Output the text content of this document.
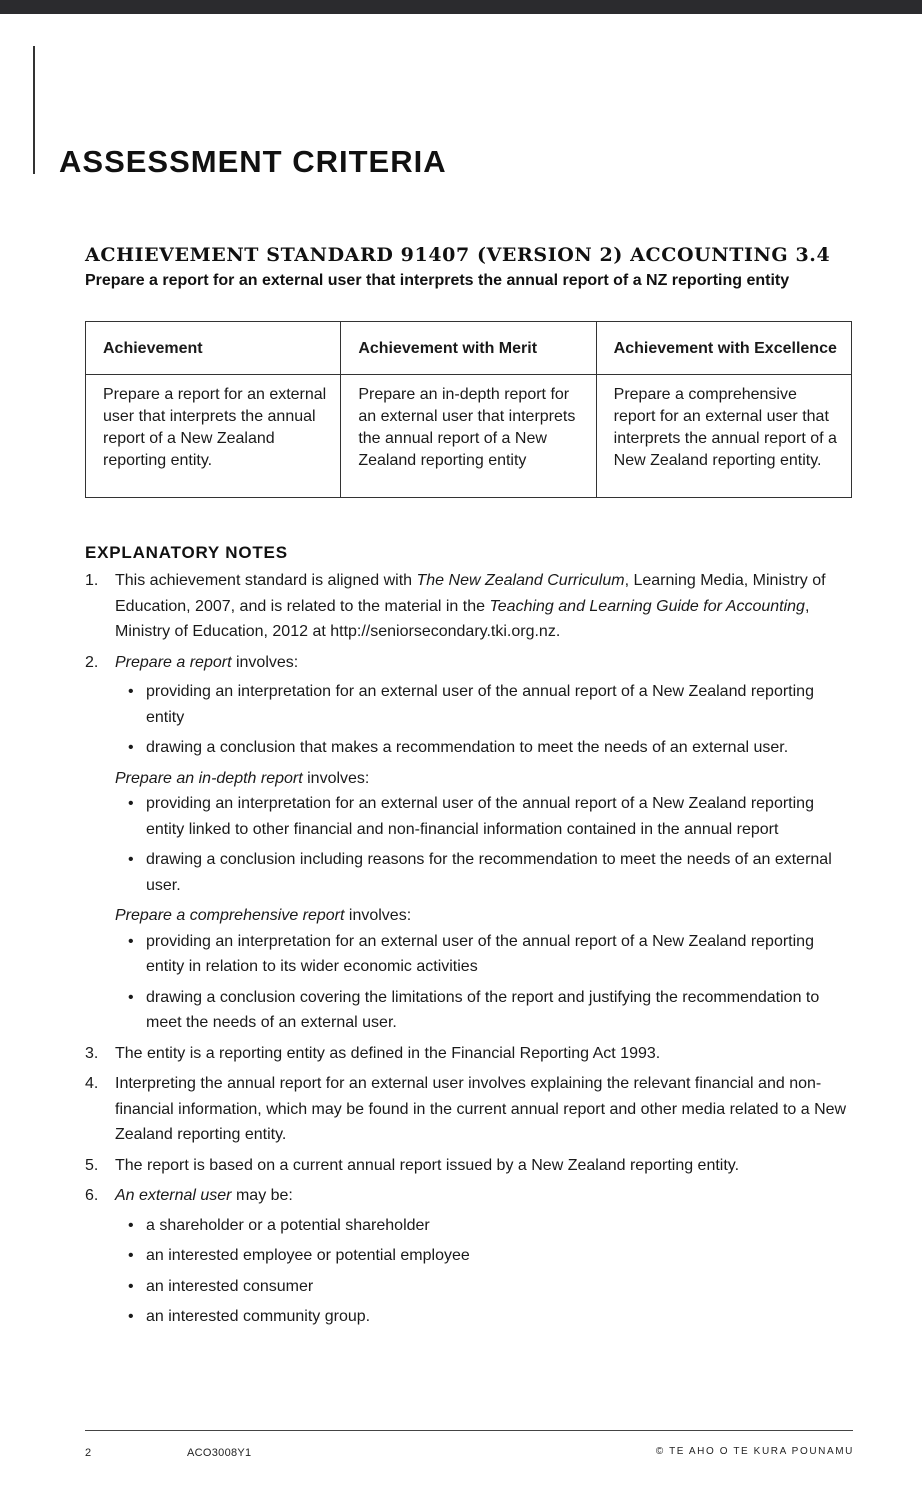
ASSESSMENT CRITERIA
ACHIEVEMENT STANDARD 91407 (VERSION 2) ACCOUNTING 3.4

Prepare a report for an external user that interprets the annual report of a NZ reporting entity

Achievement	Achievement with Merit	Achievement with Excellence
Prepare a report for an external user that interprets the annual report of a New Zealand reporting entity.	Prepare an in-depth report for an external user that interprets the annual report of a New Zealand reporting entity	Prepare a comprehensive report for an external user that interprets the annual report of a New Zealand reporting entity.
EXPLANATORY NOTES
1. This achievement standard is aligned with The New Zealand Curriculum, Learning Media, Ministry of Education, 2007, and is related to the material in the Teaching and Learning Guide for Accounting, Ministry of Education, 2012 at http://seniorsecondary.tki.org.nz.
2. Prepare a report involves:
• providing an interpretation for an external user of the annual report of a New Zealand reporting entity
• drawing a conclusion that makes a recommendation to meet the needs of an external user.
Prepare an in-depth report involves:
• providing an interpretation for an external user of the annual report of a New Zealand reporting entity linked to other financial and non-financial information contained in the annual report
• drawing a conclusion including reasons for the recommendation to meet the needs of an external user.
Prepare a comprehensive report involves:
• providing an interpretation for an external user of the annual report of a New Zealand reporting entity in relation to its wider economic activities
• drawing a conclusion covering the limitations of the report and justifying the recommendation to meet the needs of an external user.
3. The entity is a reporting entity as defined in the Financial Reporting Act 1993.
4. Interpreting the annual report for an external user involves explaining the relevant financial and non-financial information, which may be found in the current annual report and other media related to a New Zealand reporting entity.
5. The report is based on a current annual report issued by a New Zealand reporting entity.
6. An external user may be:
• a shareholder or a potential shareholder
• an interested employee or potential employee
• an interested consumer
• an interested community group.
2	ACO3008Y1	© TE AHO O TE KURA POUNAMU
